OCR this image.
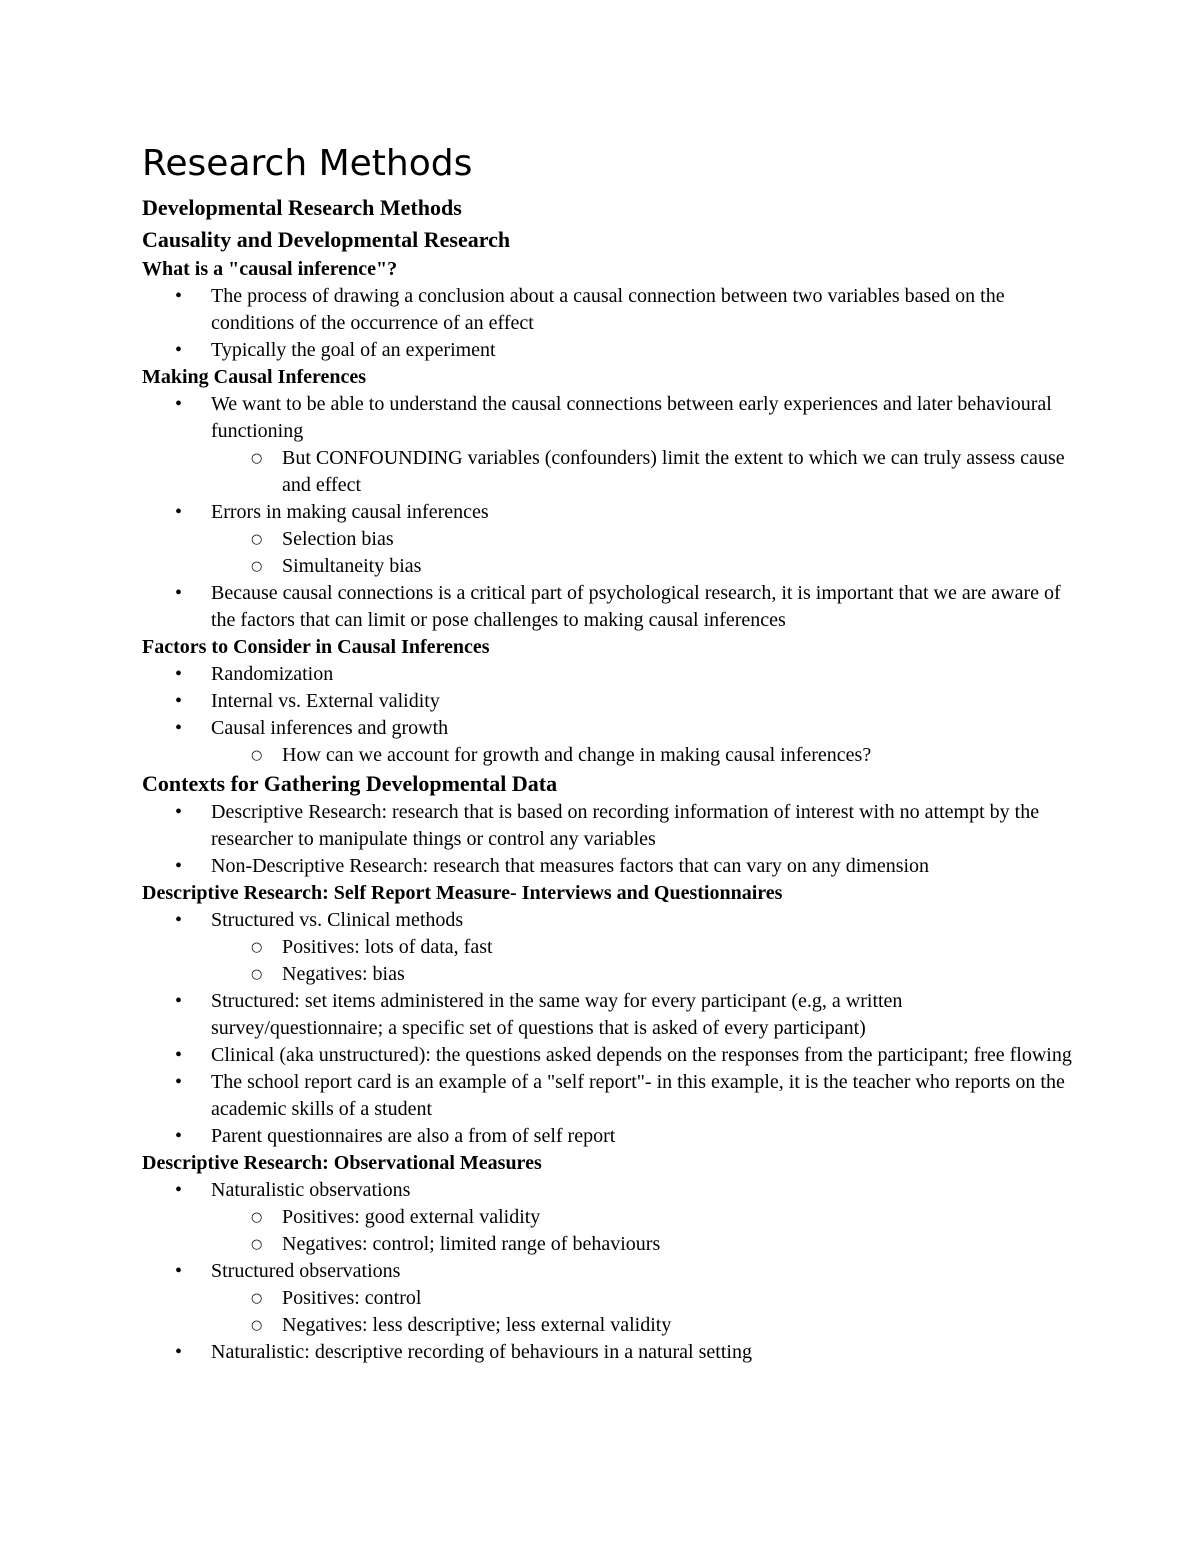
Research Methods
Developmental Research Methods
Causality and Developmental Research
What is a "causal inference"?
• The process of drawing a conclusion about a causal connection between two variables based on the conditions of the occurrence of an effect
• Typically the goal of an experiment
Making Causal Inferences
• We want to be able to understand the causal connections between early experiences and later behavioural functioning
○ But CONFOUNDING variables (confounders) limit the extent to which we can truly assess cause and effect
• Errors in making causal inferences
○ Selection bias
○ Simultaneity bias
• Because causal connections is a critical part of psychological research, it is important that we are aware of the factors that can limit or pose challenges to making causal inferences
Factors to Consider in Causal Inferences
• Randomization
• Internal vs. External validity
• Causal inferences and growth
○ How can we account for growth and change in making causal inferences?
Contexts for Gathering Developmental Data
• Descriptive Research: research that is based on recording information of interest with no attempt by the researcher to manipulate things or control any variables
• Non-Descriptive Research: research that measures factors that can vary on any dimension
Descriptive Research: Self Report Measure- Interviews and Questionnaires
• Structured vs. Clinical methods
○ Positives: lots of data, fast
○ Negatives: bias
• Structured: set items administered in the same way for every participant (e.g, a written survey/questionnaire; a specific set of questions that is asked of every participant)
• Clinical (aka unstructured): the questions asked depends on the responses from the participant; free flowing
• The school report card is an example of a "self report"- in this example, it is the teacher who reports on the academic skills of a student
• Parent questionnaires are also a from of self report
Descriptive Research: Observational Measures
• Naturalistic observations
○ Positives: good external validity
○ Negatives: control; limited range of behaviours
• Structured observations
○ Positives: control
○ Negatives: less descriptive; less external validity
• Naturalistic: descriptive recording of behaviours in a natural setting
